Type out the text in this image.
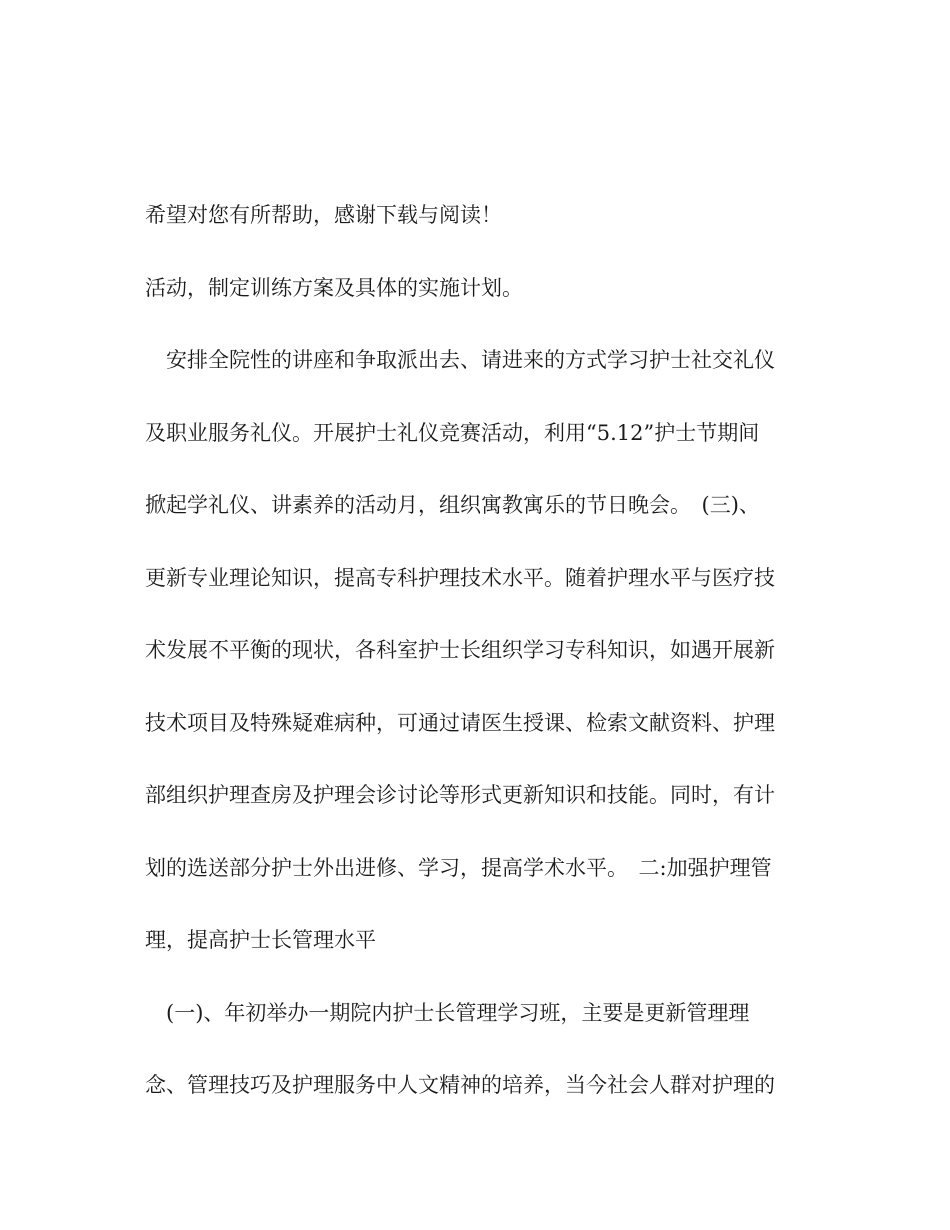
希望对您有所帮助，感谢下载与阅读！

活动，制定训练方案及具体的实施计划。

　安排全院性的讲座和争取派出去、请进来的方式学习护士社交礼仪

及职业服务礼仪。开展护士礼仪竞赛活动，利用“5.12”护士节期间

掀起学礼仪、讲素养的活动月，组织寓教寓乐的节日晚会。　(三)、

更新专业理论知识，提高专科护理技术水平。随着护理水平与医疗技

术发展不平衡的现状，各科室护士长组织学习专科知识，如遇开展新

技术项目及特殊疑难病种，可通过请医生授课、检索文献资料、护理

部组织护理查房及护理会诊讨论等形式更新知识和技能。同时，有计

划的选送部分护士外出进修、学习，提高学术水平。　二:加强护理管

理，提高护士长管理水平

　(一)、年初举办一期院内护士长管理学习班，主要是更新管理理

念、管理技巧及护理服务中人文精神的培养，当今社会人群对护理的
